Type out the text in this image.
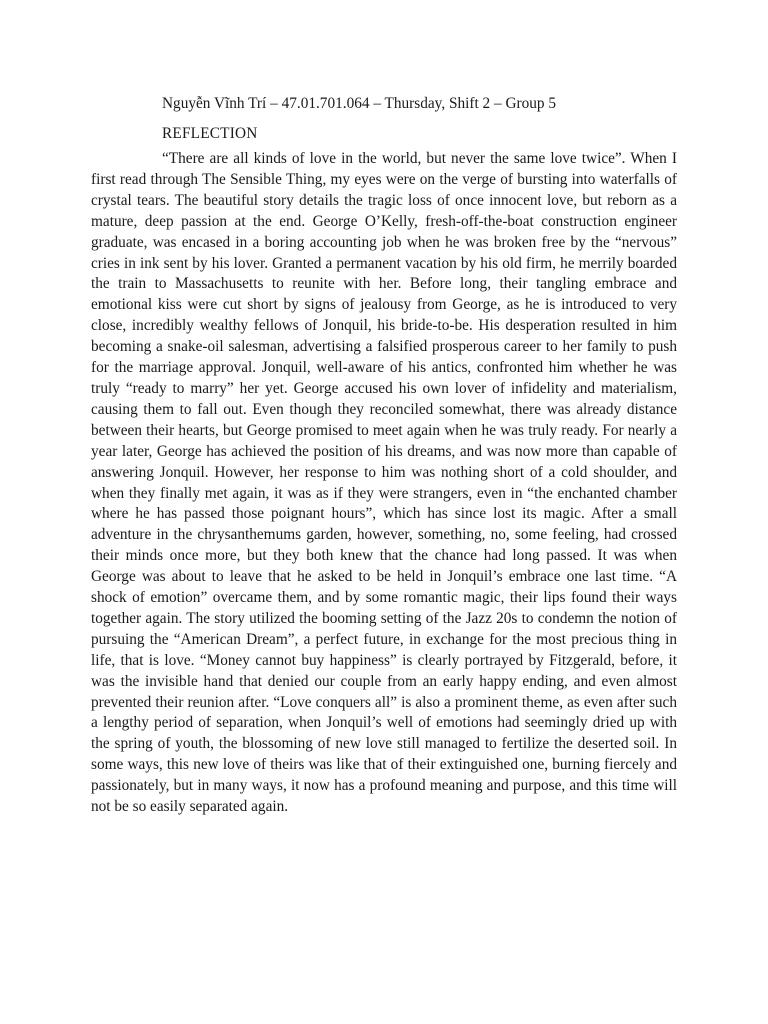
Nguyễn Vĩnh Trí – 47.01.701.064 – Thursday, Shift 2 – Group 5

REFLECTION

“There are all kinds of love in the world, but never the same love twice”. When I first read through The Sensible Thing, my eyes were on the verge of bursting into waterfalls of crystal tears. The beautiful story details the tragic loss of once innocent love, but reborn as a mature, deep passion at the end. George O’Kelly, fresh-off-the-boat construction engineer graduate, was encased in a boring accounting job when he was broken free by the “nervous” cries in ink sent by his lover. Granted a permanent vacation by his old firm, he merrily boarded the train to Massachusetts to reunite with her. Before long, their tangling embrace and emotional kiss were cut short by signs of jealousy from George, as he is introduced to very close, incredibly wealthy fellows of Jonquil, his bride-to-be. His desperation resulted in him becoming a snake-oil salesman, advertising a falsified prosperous career to her family to push for the marriage approval. Jonquil, well-aware of his antics, confronted him whether he was truly “ready to marry” her yet. George accused his own lover of infidelity and materialism, causing them to fall out. Even though they reconciled somewhat, there was already distance between their hearts, but George promised to meet again when he was truly ready. For nearly a year later, George has achieved the position of his dreams, and was now more than capable of answering Jonquil. However, her response to him was nothing short of a cold shoulder, and when they finally met again, it was as if they were strangers, even in “the enchanted chamber where he has passed those poignant hours”, which has since lost its magic. After a small adventure in the chrysanthemums garden, however, something, no, some feeling, had crossed their minds once more, but they both knew that the chance had long passed. It was when George was about to leave that he asked to be held in Jonquil’s embrace one last time. “A shock of emotion” overcame them, and by some romantic magic, their lips found their ways together again. The story utilized the booming setting of the Jazz 20s to condemn the notion of pursuing the “American Dream”, a perfect future, in exchange for the most precious thing in life, that is love. “Money cannot buy happiness” is clearly portrayed by Fitzgerald, before, it was the invisible hand that denied our couple from an early happy ending, and even almost prevented their reunion after. “Love conquers all” is also a prominent theme, as even after such a lengthy period of separation, when Jonquil’s well of emotions had seemingly dried up with the spring of youth, the blossoming of new love still managed to fertilize the deserted soil. In some ways, this new love of theirs was like that of their extinguished one, burning fiercely and passionately, but in many ways, it now has a profound meaning and purpose, and this time will not be so easily separated again.
